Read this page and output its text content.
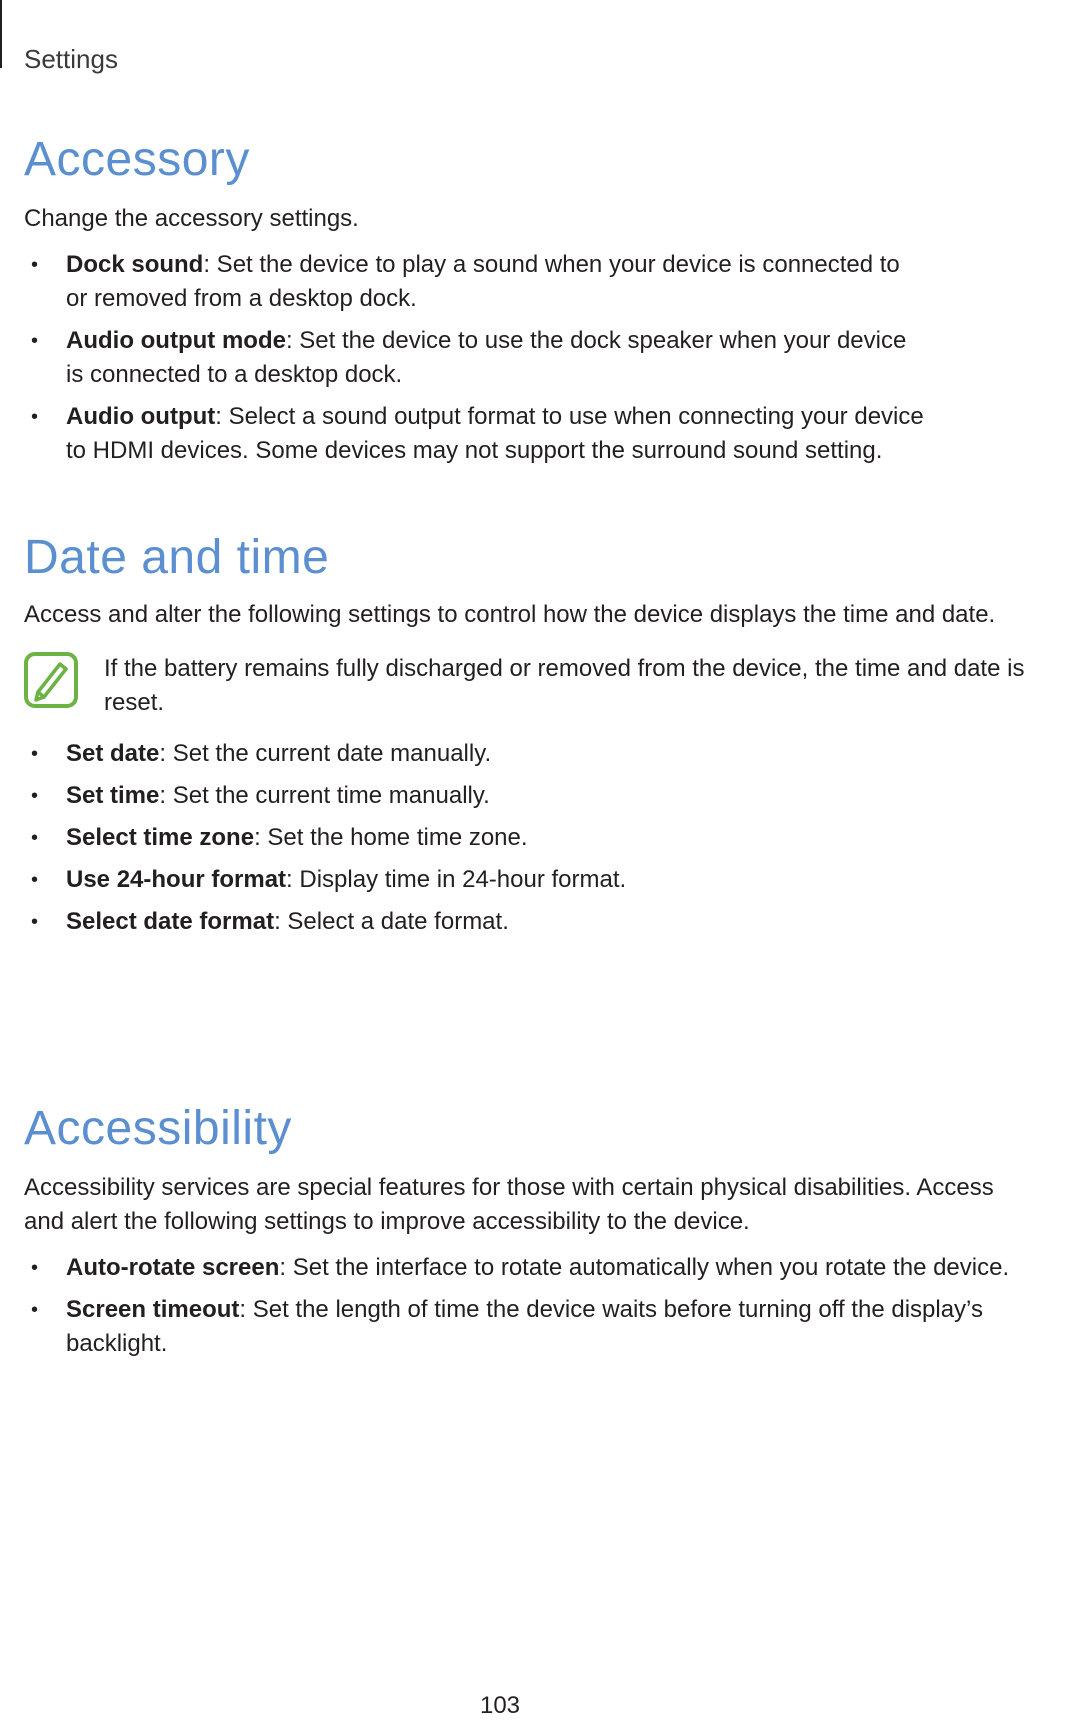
Settings
Accessory

Change the accessory settings.

• Dock sound: Set the device to play a sound when your device is connected to or removed from a desktop dock.
• Audio output mode: Set the device to use the dock speaker when your device is connected to a desktop dock.
• Audio output: Select a sound output format to use when connecting your device to HDMI devices. Some devices may not support the surround sound setting.
Date and time

Access and alter the following settings to control how the device displays the time and date.

If the battery remains fully discharged or removed from the device, the time and date is reset.
• Set date: Set the current date manually.
• Set time: Set the current time manually.
• Select time zone: Set the home time zone.
• Use 24-hour format: Display time in 24-hour format.
• Select date format: Select a date format.
Accessibility

Accessibility services are special features for those with certain physical disabilities. Access

and alert the following settings to improve accessibility to the device.

• Auto-rotate screen: Set the interface to rotate automatically when you rotate the device.
• Screen timeout: Set the length of time the device waits before turning off the display’s backlight.
103
